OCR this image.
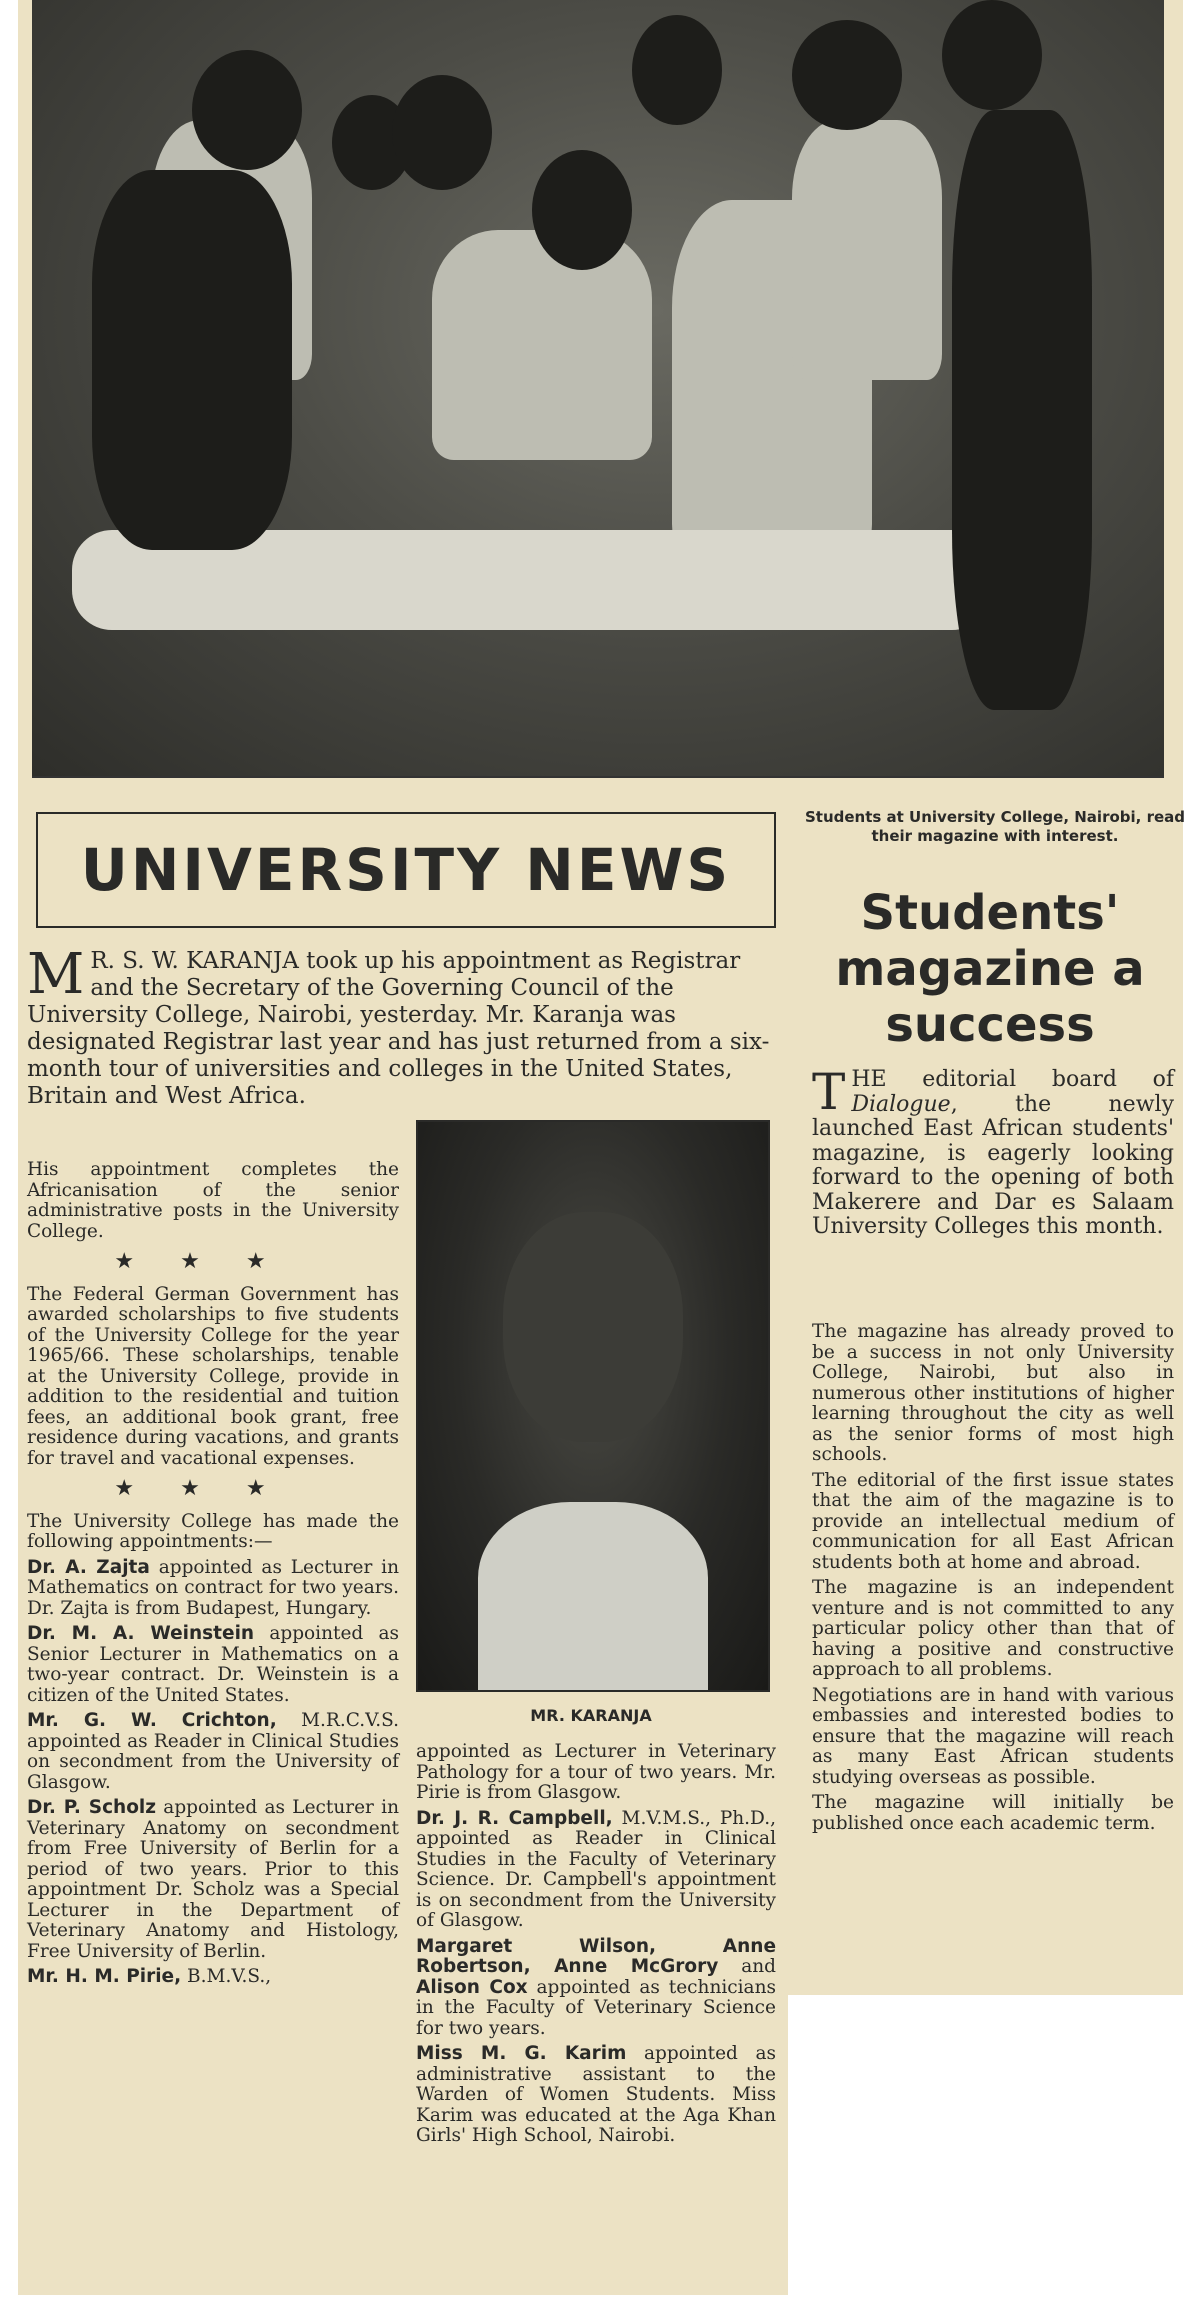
UNIVERSITY NEWS
Students at University College, Nairobi, read their magazine with interest.
Students' magazine a success
M R. S. W. KARANJA took up his appointment as Registrar and the Secretary of the Governing Council of the University College, Nairobi, yesterday. Mr. Karanja was designated Registrar last year and has just returned from a six-month tour of universities and colleges in the United States, Britain and West Africa.

His appointment completes the Africanisation of the senior administrative posts in the University College.

★★★

The Federal German Government has awarded scholarships to five students of the University College for the year 1965/66. These scholarships, tenable at the University College, provide in addition to the residential and tuition fees, an additional book grant, free residence during vacations, and grants for travel and vacational expenses.

★★★

The University College has made the following appointments:—

Dr. A. Zajta appointed as Lecturer in Mathematics on contract for two years. Dr. Zajta is from Budapest, Hungary.

Dr. M. A. Weinstein appointed as Senior Lecturer in Mathematics on a two-year contract. Dr. Weinstein is a citizen of the United States.

Mr. G. W. Crichton, M.R.C.V.S. appointed as Reader in Clinical Studies on secondment from the University of Glasgow.

Dr. P. Scholz appointed as Lecturer in Veterinary Anatomy on secondment from Free University of Berlin for a period of two years. Prior to this appointment Dr. Scholz was a Special Lecturer in the Department of Veterinary Anatomy and Histology, Free University of Berlin.

Mr. H. M. Pirie, B.M.V.S.,

MR. KARANJA

appointed as Lecturer in Veterinary Pathology for a tour of two years. Mr. Pirie is from Glasgow.

Dr. J. R. Campbell, M.V.M.S., Ph.D., appointed as Reader in Clinical Studies in the Faculty of Veterinary Science. Dr. Campbell's appointment is on secondment from the University of Glasgow.

Margaret Wilson, Anne Robertson, Anne McGrory and Alison Cox appointed as technicians in the Faculty of Veterinary Science for two years.

Miss M. G. Karim appointed as administrative assistant to the Warden of Women Students. Miss Karim was educated at the Aga Khan Girls' High School, Nairobi.

THE editorial board of Dialogue, the newly launched East African students' magazine, is eagerly looking forward to the opening of both Makerere and Dar es Salaam University Colleges this month.

The magazine has already proved to be a success in not only University College, Nairobi, but also in numerous other institutions of higher learning throughout the city as well as the senior forms of most high schools.

The editorial of the first issue states that the aim of the magazine is to provide an intellectual medium of communication for all East African students both at home and abroad.

The magazine is an independent venture and is not committed to any particular policy other than that of having a positive and constructive approach to all problems.

Negotiations are in hand with various embassies and interested bodies to ensure that the magazine will reach as many East African students studying overseas as possible.

The magazine will initially be published once each academic term.
